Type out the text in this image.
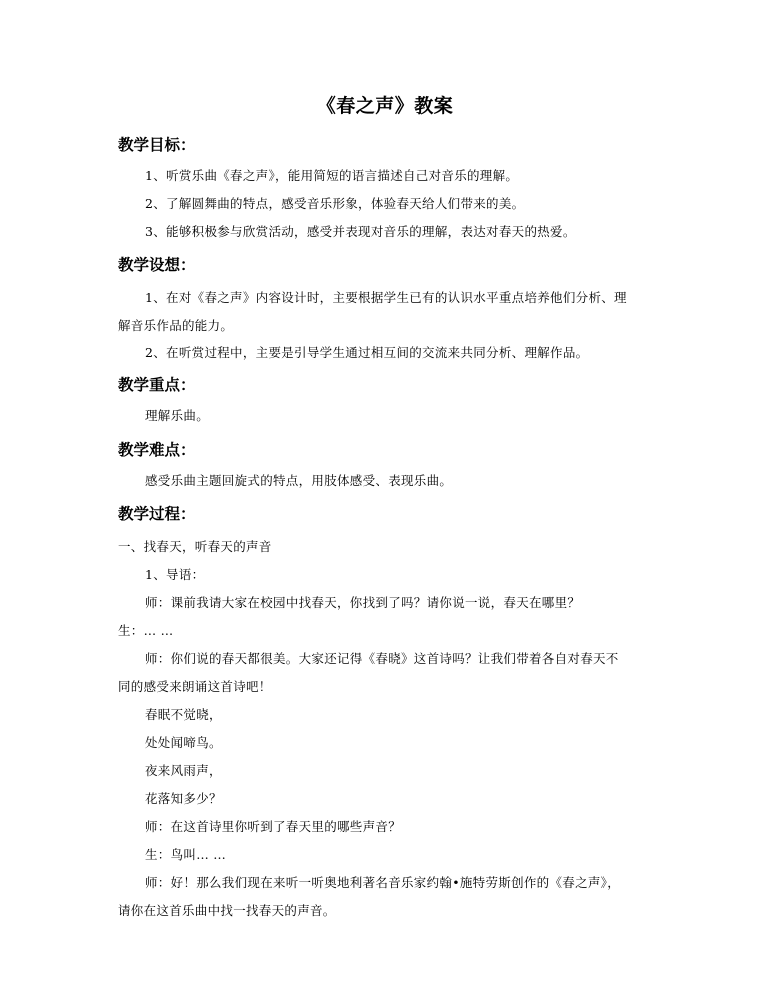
《春之声》教案
教学目标：
1、听赏乐曲《春之声》，能用简短的语言描述自己对音乐的理解。
2、了解圆舞曲的特点，感受音乐形象，体验春天给人们带来的美。
3、能够积极参与欣赏活动，感受并表现对音乐的理解，表达对春天的热爱。
教学设想：
1、在对《春之声》内容设计时，主要根据学生已有的认识水平重点培养他们分析、理
解音乐作品的能力。
2、在听赏过程中，主要是引导学生通过相互间的交流来共同分析、理解作品。
教学重点：
理解乐曲。
教学难点：
感受乐曲主题回旋式的特点，用肢体感受、表现乐曲。
教学过程：
一、找春天，听春天的声音
1、导语：
师：课前我请大家在校园中找春天，你找到了吗？请你说一说，春天在哪里？
生：… …
师：你们说的春天都很美。大家还记得《春晓》这首诗吗？让我们带着各自对春天不
同的感受来朗诵这首诗吧！
春眠不觉晓，
处处闻啼鸟。
夜来风雨声，
花落知多少？
师：在这首诗里你听到了春天里的哪些声音？
生：鸟叫… …
师：好！那么我们现在来听一听奥地利著名音乐家约翰•施特劳斯创作的《春之声》，
请你在这首乐曲中找一找春天的声音。
